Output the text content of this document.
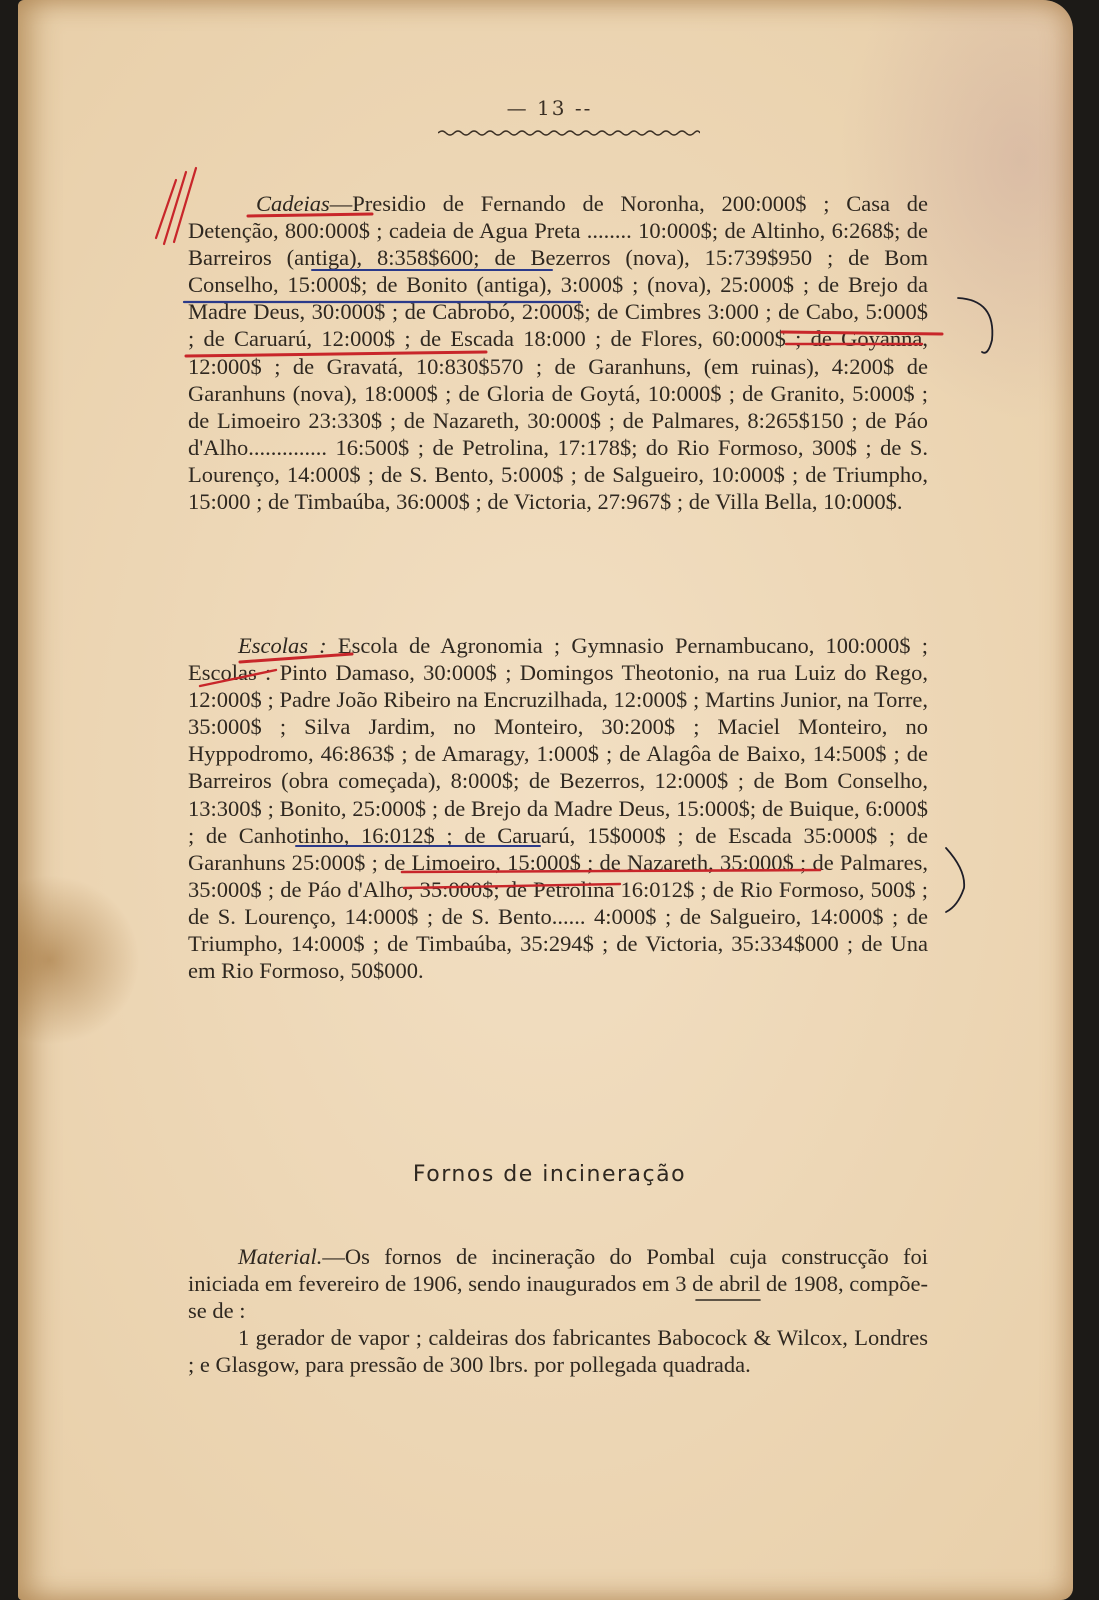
— 13 --
Cadeias—Presidio de Fernando de Noronha, 200:000$ ; Casa de Detenção, 800:000$ ; cadeia de Agua Preta ........ 10:000$; de Altinho, 6:268$; de Barreiros (antiga), 8:358$600; de Bezerros (nova), 15:739$950 ; de Bom Conselho, 15:000$; de Bonito (antiga), 3:000$ ; (nova), 25:000$ ; de Brejo da Madre Deus, 30:000$ ; de Cabrobó, 2:000$; de Cimbres 3:000 ; de Cabo, 5:000$ ; de Caruarú, 12:000$ ; de Escada 18:000 ; de Flores, 60:000$ ; de Goyanna, 12:000$ ; de Gravatá, 10:830$570 ; de Garanhuns, (em ruinas), 4:200$ de Garanhuns (nova), 18:000$ ; de Gloria de Goytá, 10:000$ ; de Granito, 5:000$ ; de Limoeiro 23:330$ ; de Nazareth, 30:000$ ; de Palmares, 8:265$150 ; de Páo d'Alho.............. 16:500$ ; de Petrolina, 17:178$; do Rio Formoso, 300$ ; de S. Lourenço, 14:000$ ; de S. Bento, 5:000$ ; de Salgueiro, 10:000$ ; de Triumpho, 15:000 ; de Timbaúba, 36:000$ ; de Victoria, 27:967$ ; de Villa Bella, 10:000$.
Escolas : Escola de Agronomia ; Gymnasio Pernambucano, 100:000$ ; Escolas : Pinto Damaso, 30:000$ ; Domingos Theotonio, na rua Luiz do Rego, 12:000$ ; Padre João Ribeiro na Encruzilhada, 12:000$ ; Martins Junior, na Torre, 35:000$ ; Silva Jardim, no Monteiro, 30:200$ ; Maciel Monteiro, no Hyppodromo, 46:863$ ; de Amaragy, 1:000$ ; de Alagôa de Baixo, 14:500$ ; de Barreiros (obra começada), 8:000$; de Bezerros, 12:000$ ; de Bom Conselho, 13:300$ ; Bonito, 25:000$ ; de Brejo da Madre Deus, 15:000$; de Buique, 6:000$ ; de Canhotinho, 16:012$ ; de Caruarú, 15$000$ ; de Escada 35:000$ ; de Garanhuns 25:000$ ; de Limoeiro, 15:000$ ; de Nazareth, 35:000$ ; de Palmares, 35:000$ ; de Páo d'Alho, 35:000$; de Petrolina 16:012$ ; de Rio Formoso, 500$ ; de S. Lourenço, 14:000$ ; de S. Bento...... 4:000$ ; de Salgueiro, 14:000$ ; de Triumpho, 14:000$ ; de Timbaúba, 35:294$ ; de Victoria, 35:334$000 ; de Una em Rio Formoso, 50$000.
Fornos de incineração
Material.—Os fornos de incineração do Pombal cuja construcção foi iniciada em fevereiro de 1906, sendo inaugurados em 3 de abril de 1908, compõe-se de :
1 gerador de vapor ; caldeiras dos fabricantes Babocock & Wilcox, Londres ; e Glasgow, para pressão de 300 lbrs. por pollegada quadrada.
